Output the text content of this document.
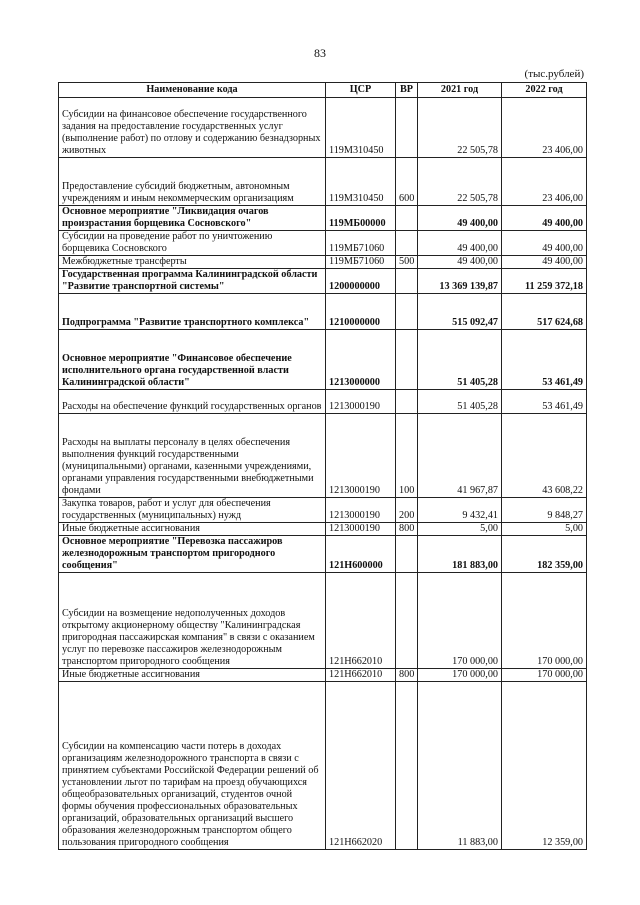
83
(тыс.рублей)
Наименование кода	ЦСР	ВР	2021 год	2022 год
Субсидии на финансовое обеспечение государственного задания на предоставление государственных услуг (выполнение работ) по отлову и содержанию безнадзорных животных	119М310450		22 505,78	23 406,00
Предоставление субсидий бюджетным, автономным учреждениям и иным некоммерческим организациям	119М310450	600	22 505,78	23 406,00
Основное мероприятие "Ликвидация очагов произрастания борщевика Сосновского"	119МБ00000		49 400,00	49 400,00
Субсидии на проведение работ по уничтожению борщевика Сосновского	119МБ71060		49 400,00	49 400,00
Межбюджетные трансферты	119МБ71060	500	49 400,00	49 400,00
Государственная программа Калининградской области "Развитие транспортной системы"	1200000000		13 369 139,87	11 259 372,18
Подпрограмма "Развитие транспортного комплекса"	1210000000		515 092,47	517 624,68
Основное мероприятие "Финансовое обеспечение исполнительного органа государственной власти Калининградской области"	1213000000		51 405,28	53 461,49
Расходы на обеспечение функций государственных органов	1213000190		51 405,28	53 461,49
Расходы на выплаты персоналу в целях обеспечения выполнения функций государственными (муниципальными) органами, казенными учреждениями, органами управления государственными внебюджетными фондами	1213000190	100	41 967,87	43 608,22
Закупка товаров, работ и услуг для обеспечения государственных (муниципальных) нужд	1213000190	200	9 432,41	9 848,27
Иные бюджетные ассигнования	1213000190	800	5,00	5,00
Основное мероприятие "Перевозка пассажиров железнодорожным транспортом пригородного сообщения"	121Н600000		181 883,00	182 359,00
Субсидии на возмещение недополученных доходов открытому акционерному обществу "Калининградская пригородная пассажирская компания" в связи с оказанием услуг по перевозке пассажиров железнодорожным транспортом пригородного сообщения	121Н662010		170 000,00	170 000,00
Иные бюджетные ассигнования	121Н662010	800	170 000,00	170 000,00
Субсидии на компенсацию части потерь в доходах организациям железнодорожного транспорта в связи с принятием субъектами Российской Федерации решений об установлении льгот по тарифам на проезд обучающихся общеобразовательных организаций, студентов очной формы обучения профессиональных образовательных организаций, образовательных организаций высшего образования железнодорожным транспортом общего пользования пригородного сообщения	121Н662020		11 883,00	12 359,00
